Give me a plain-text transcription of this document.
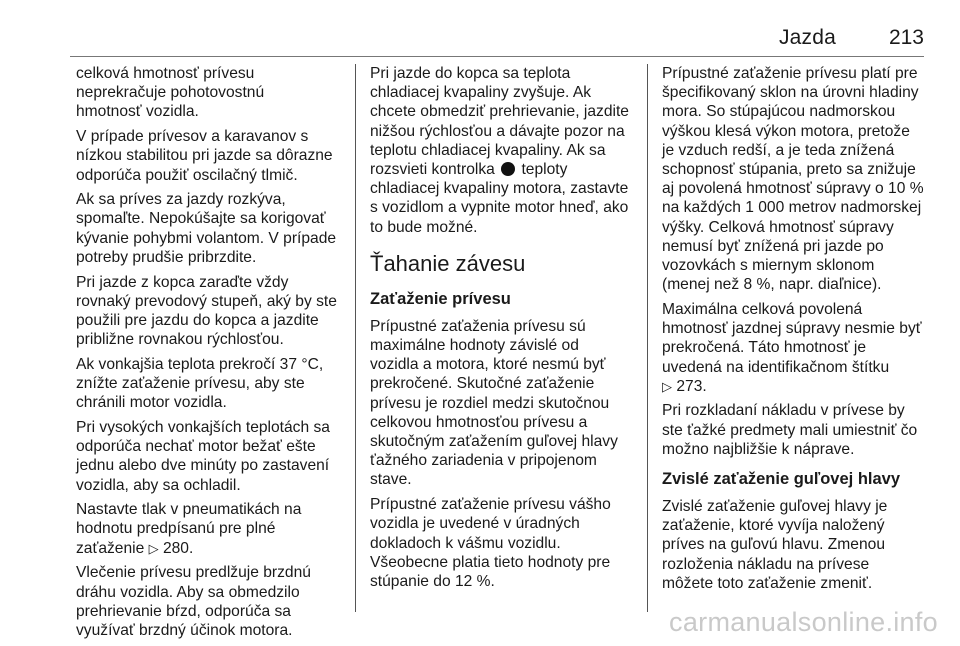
Jazda	213

celková hmotnosť prívesu
neprekračuje pohotovostnú
hmotnosť vozidla.

V prípade prívesov a karavanov s
nízkou stabilitou pri jazde sa dôrazne
odporúča použiť oscilačný tlmič.

Ak sa príves za jazdy rozkýva,
spomaľte. Nepokúšajte sa korigovať
kývanie pohybmi volantom. V prípade
potreby prudšie pribrzdite.

Pri jazde z kopca zaraďte vždy
rovnaký prevodový stupeň, aký by ste
použili pre jazdu do kopca a jazdite
približne rovnakou rýchlosťou.

Ak vonkajšia teplota prekročí 37 °C,
znížte zaťaženie prívesu, aby ste
chránili motor vozidla.

Pri vysokých vonkajších teplotách sa
odporúča nechať motor bežať ešte
jednu alebo dve minúty po zastavení
vozidla, aby sa ochladil.

Nastavte tlak v pneumatikách na
hodnotu predpísanú pre plné
zaťaženie ▷ 280.

Vlečenie prívesu predlžuje brzdnú
dráhu vozidla. Aby sa obmedzilo
prehrievanie bŕzd, odporúča sa
využívať brzdný účinok motora.

Pri jazde do kopca sa teplota
chladiacej kvapaliny zvyšuje. Ak
chcete obmedziť prehrievanie, jazdite
nižšou rýchlosťou a dávajte pozor na
teplotu chladiacej kvapaliny. Ak sa
rozsvieti kontrolka  teploty
chladiacej kvapaliny motora, zastavte
s vozidlom a vypnite motor hneď, ako
to bude možné.

Ťahanie závesu
Zaťaženie prívesu

Prípustné zaťaženia prívesu sú
maximálne hodnoty závislé od
vozidla a motora, ktoré nesmú byť
prekročené. Skutočné zaťaženie
prívesu je rozdiel medzi skutočnou
celkovou hmotnosťou prívesu a
skutočným zaťažením guľovej hlavy
ťažného zariadenia v pripojenom
stave.

Prípustné zaťaženie prívesu vášho
vozidla je uvedené v úradných
dokladoch k vášmu vozidlu.
Všeobecne platia tieto hodnoty pre
stúpanie do 12 %.

Prípustné zaťaženie prívesu platí pre
špecifikovaný sklon na úrovni hladiny
mora. So stúpajúcou nadmorskou
výškou klesá výkon motora, pretože
je vzduch redší, a je teda znížená
schopnosť stúpania, preto sa znižuje
aj povolená hmotnosť súpravy o 10 %
na každých 1 000 metrov nadmorskej
výšky. Celková hmotnosť súpravy
nemusí byť znížená pri jazde po
vozovkách s miernym sklonom
(menej než 8 %, napr. diaľnice).

Maximálna celková povolená
hmotnosť jazdnej súpravy nesmie byť
prekročená. Táto hmotnosť je
uvedená na identifikačnom štítku
▷ 273.

Pri rozkladaní nákladu v prívese by
ste ťažké predmety mali umiestniť čo
možno najbližšie k náprave.

Zvislé zaťaženie guľovej hlavy

Zvislé zaťaženie guľovej hlavy je
zaťaženie, ktoré vyvíja naložený
príves na guľovú hlavu. Zmenou
rozloženia nákladu na prívese
môžete toto zaťaženie zmeniť.

carmanualsonline.info
